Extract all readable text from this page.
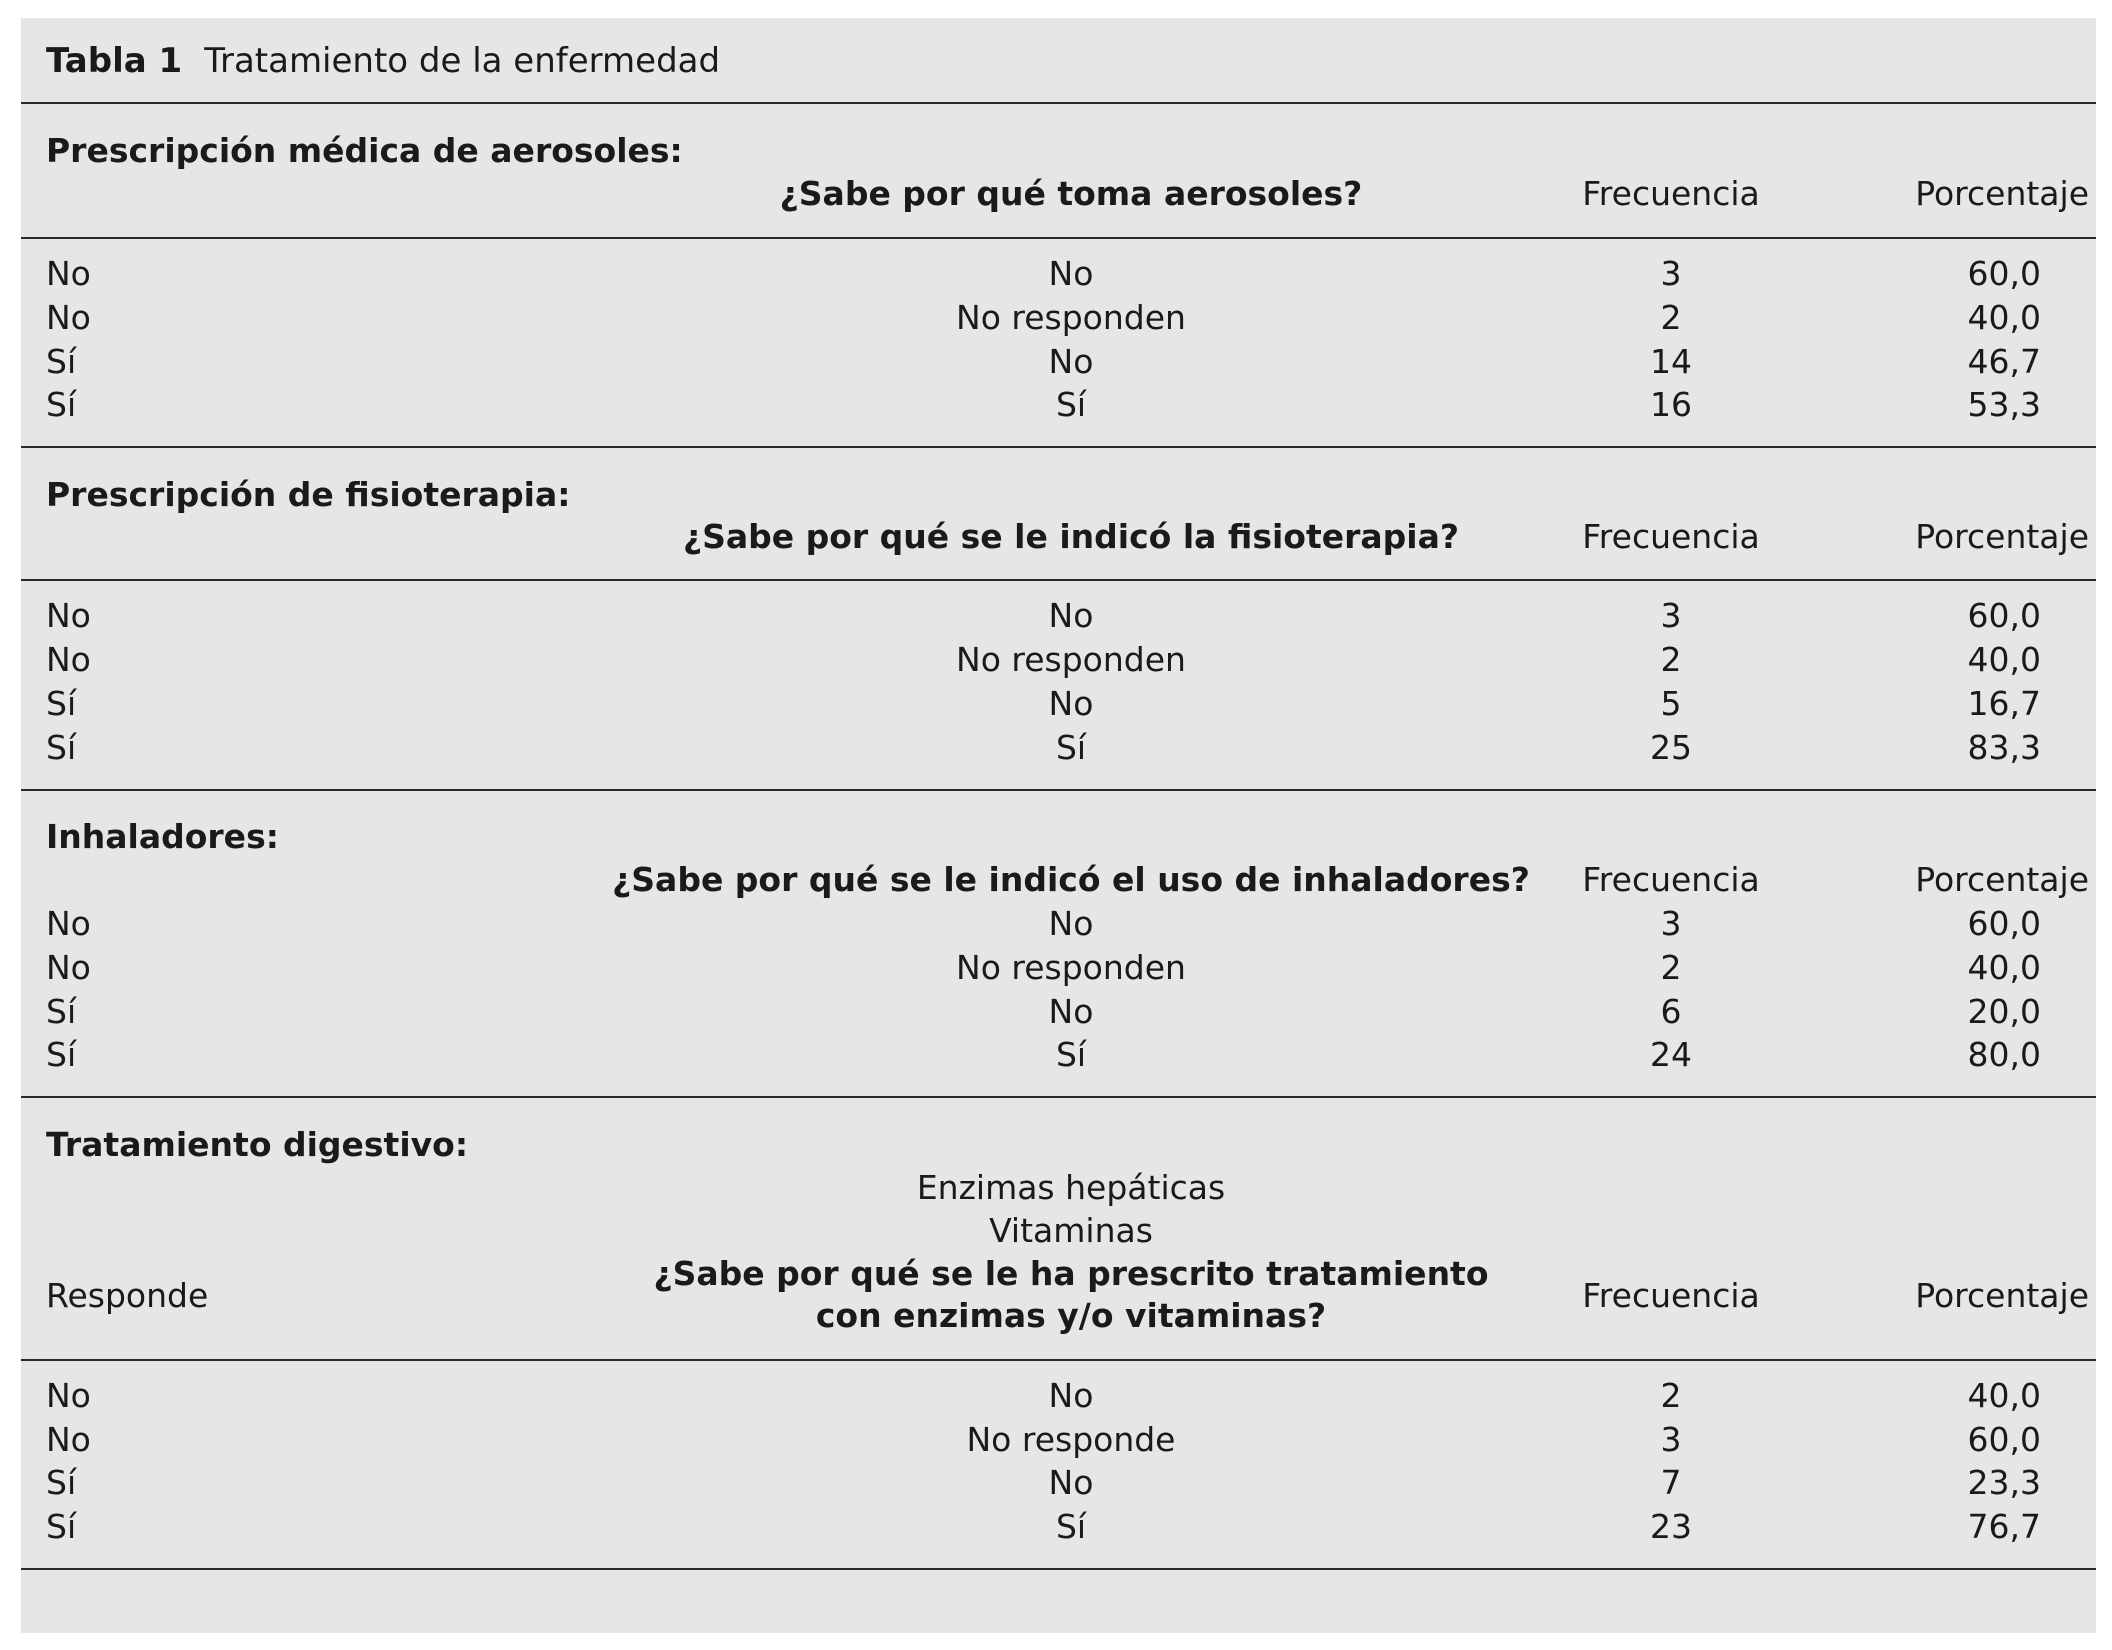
Tabla 1 Tratamiento de la enfermedad
Prescripción médica de aerosoles:
¿Sabe por qué toma aerosoles?	Frecuencia	Porcentaje
No	No	3	60,0
No	No responden	2	40,0
Sí	No	14	46,7
Sí	Sí	16	53,3
Prescripción de fisioterapia:
¿Sabe por qué se le indicó la fisioterapia?	Frecuencia	Porcentaje
No	No	3	60,0
No	No responden	2	40,0
Sí	No	5	16,7
Sí	Sí	25	83,3
Inhaladores:
¿Sabe por qué se le indicó el uso de inhaladores?	Frecuencia	Porcentaje
No	No	3	60,0
No	No responden	2	40,0
Sí	No	6	20,0
Sí	Sí	24	80,0
Tratamiento digestivo:
Enzimas hepáticas
Vitaminas
Responde
¿Sabe por qué se le ha prescrito tratamiento
con enzimas y/o vitaminas?
Frecuencia	Porcentaje
No	No	2	40,0
No	No responde	3	60,0
Sí	No	7	23,3
Sí	Sí	23	76,7
